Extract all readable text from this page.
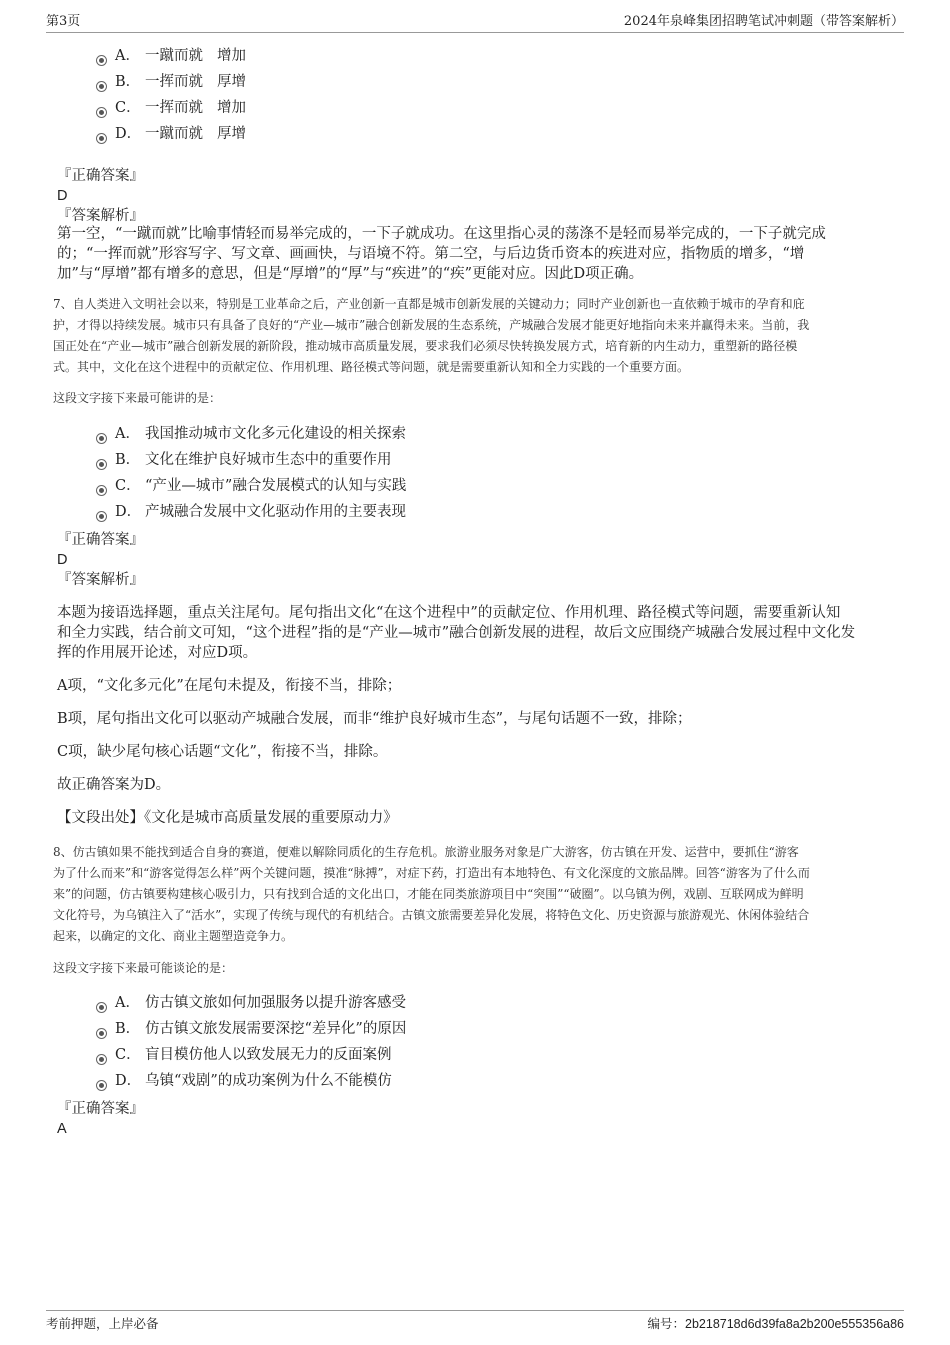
第3页	2024年泉峰集团招聘笔试冲刺题（带答案解析）
A． 一蹴而就 增加
B． 一挥而就 厚增
C． 一挥而就 增加
D． 一蹴而就 厚增
『正确答案』
D
『答案解析』
第一空，“一蹴而就”比喻事情轻而易举完成的，一下子就成功。在这里指心灵的荡涤不是轻而易举完成的，一下子就完成
的；“一挥而就”形容写字、写文章、画画快，与语境不符。第二空，与后边货币资本的疾进对应，指物质的增多，“增
加”与“厚增”都有增多的意思，但是“厚增”的“厚”与“疾进”的“疾”更能对应。因此D项正确。
7、自人类进入文明社会以来，特别是工业革命之后，产业创新一直都是城市创新发展的关键动力；同时产业创新也一直依赖于城市的孕育和庇
护，才得以持续发展。城市只有具备了良好的“产业—城市”融合创新发展的生态系统，产城融合发展才能更好地指向未来并赢得未来。当前，我
国正处在“产业—城市”融合创新发展的新阶段，推动城市高质量发展，要求我们必须尽快转换发展方式，培育新的内生动力，重塑新的路径模
式。其中，文化在这个进程中的贡献定位、作用机理、路径模式等问题，就是需要重新认知和全力实践的一个重要方面。
这段文字接下来最可能讲的是：
A． 我国推动城市文化多元化建设的相关探索
B． 文化在维护良好城市生态中的重要作用
C． “产业—城市”融合发展模式的认知与实践
D． 产城融合发展中文化驱动作用的主要表现
『正确答案』
D
『答案解析』
本题为接语选择题，重点关注尾句。尾句指出文化“在这个进程中”的贡献定位、作用机理、路径模式等问题，需要重新认知
和全力实践，结合前文可知，“这个进程”指的是“产业—城市”融合创新发展的进程，故后文应围绕产城融合发展过程中文化发
挥的作用展开论述，对应D项。
A项，“文化多元化”在尾句未提及，衔接不当，排除；
B项，尾句指出文化可以驱动产城融合发展，而非“维护良好城市生态”，与尾句话题不一致，排除；
C项，缺少尾句核心话题“文化”，衔接不当，排除。
故正确答案为D。
【文段出处】《文化是城市高质量发展的重要原动力》
8、仿古镇如果不能找到适合自身的赛道，便难以解除同质化的生存危机。旅游业服务对象是广大游客，仿古镇在开发、运营中，要抓住“游客
为了什么而来”和“游客觉得怎么样”两个关键问题，摸准“脉搏”，对症下药，打造出有本地特色、有文化深度的文旅品牌。回答“游客为了什么而
来”的问题，仿古镇要构建核心吸引力，只有找到合适的文化出口，才能在同类旅游项目中“突围”“破圈”。以乌镇为例，戏剧、互联网成为鲜明
文化符号，为乌镇注入了“活水”，实现了传统与现代的有机结合。古镇文旅需要差异化发展，将特色文化、历史资源与旅游观光、休闲体验结合
起来，以确定的文化、商业主题塑造竞争力。
这段文字接下来最可能谈论的是：
A． 仿古镇文旅如何加强服务以提升游客感受
B． 仿古镇文旅发展需要深挖“差异化”的原因
C． 盲目模仿他人以致发展无力的反面案例
D． 乌镇“戏剧”的成功案例为什么不能模仿
『正确答案』
A
考前押题，上岸必备	编号：2b218718d6d39fa8a2b200e555356a86
